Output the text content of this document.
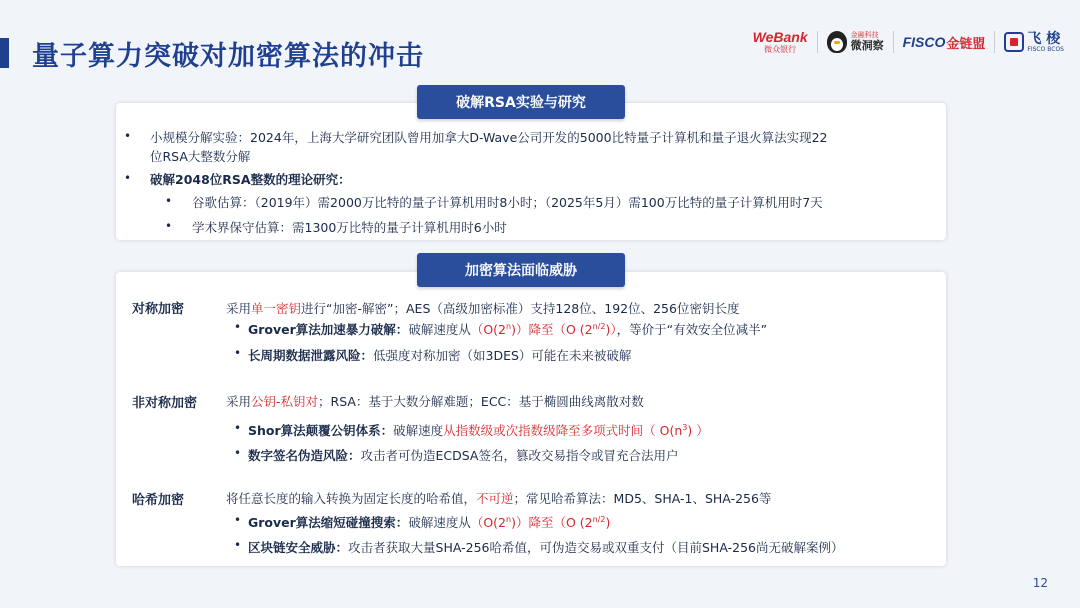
量子算力突破对加密算法的冲击
WeBank
微众银行
金融科技
微洞察 FISCO 金链盟	飞 梭
FISCO BCOS
破解RSA实验与研究
• 小规模分解实验：2024年，上海大学研究团队曾用加拿大D-Wave公司开发的5000比特量子计算机和量子退火算法实现22
位RSA大整数分解
• 破解2048位RSA整数的理论研究：
• 谷歌估算：（2019年）需2000万比特的量子计算机用时8小时；（2025年5月）需100万比特的量子计算机用时7天
• 学术界保守估算：需1300万比特的量子计算机用时6小时
加密算法面临威胁
对称加密	采用单一密钥进行“加密-解密”；AES（高级加密标准）支持128位、192位、256位密钥长度
• Grover算法加速暴力破解：破解速度从（O(2$^n$)）降至（O $(2^{n/2})$），等价于“有效安全位减半”
• 长周期数据泄露风险：低强度对称加密（如3DES）可能在未来被破解
非对称加密 采用公钥-私钥对；RSA：基于大数分解难题；ECC：基于椭圆曲线离散对数
• Shor算法颠覆公钥体系：破解速度从指数级或次指数级降至多项式时间（ $O(n^3)$ ）
• 数字签名伪造风险：攻击者可伪造ECDSA签名，篡改交易指令或冒充合法用户
哈希加密	将任意长度的输入转换为固定长度的哈希值，不可逆；常见哈希算法：MD5、SHA-1、SHA-256等
• Grover算法缩短碰撞搜索：破解速度从（O(2$^n$)）降至（O $(2^{n/2})$
• 区块链安全威胁：攻击者获取大量SHA-256哈希值，可伪造交易或双重支付（目前SHA-256尚无破解案例）
12
